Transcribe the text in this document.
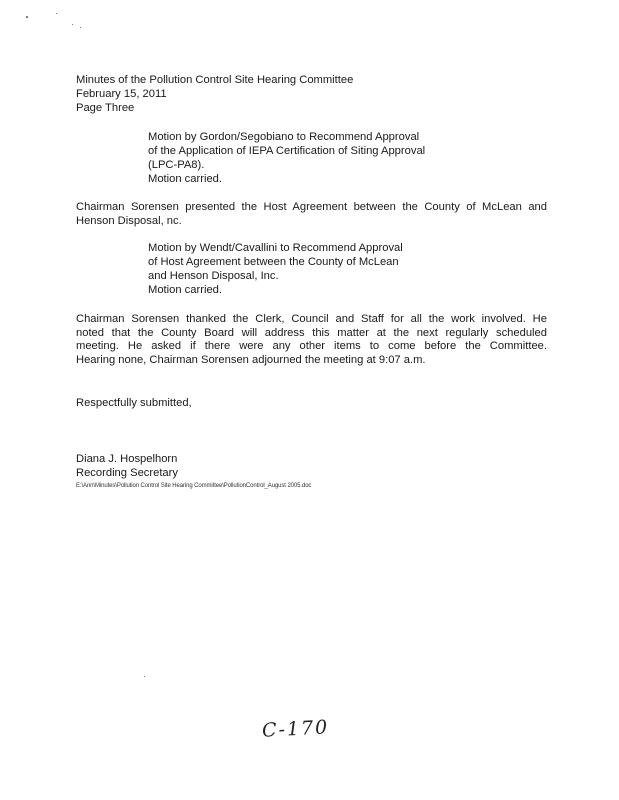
Minutes of the Pollution Control Site Hearing Committee
February 15, 2011
Page Three
Motion by Gordon/Segobiano to Recommend Approval
of the Application of IEPA Certification of Siting Approval
(LPC-PA8).
Motion carried.
Chairman Sorensen presented the Host Agreement between the County of McLean and
Henson Disposal, nc.
Motion by Wendt/Cavallini to Recommend Approval
of Host Agreement between the County of McLean
and Henson Disposal, Inc.
Motion carried.
Chairman Sorensen thanked the Clerk, Council and Staff for all the work involved. He
noted that the County Board will address this matter at the next regularly scheduled
meeting. He asked if there were any other items to come before the Committee.
Hearing none, Chairman Sorensen adjourned the meeting at 9:07 a.m.
Respectfully submitted,
Diana J. Hospelhorn
Recording Secretary
E:\Ann\Minutes\Pollution Control Site Hearing Committee\PollutionControl_August 2005.doc
C-170
